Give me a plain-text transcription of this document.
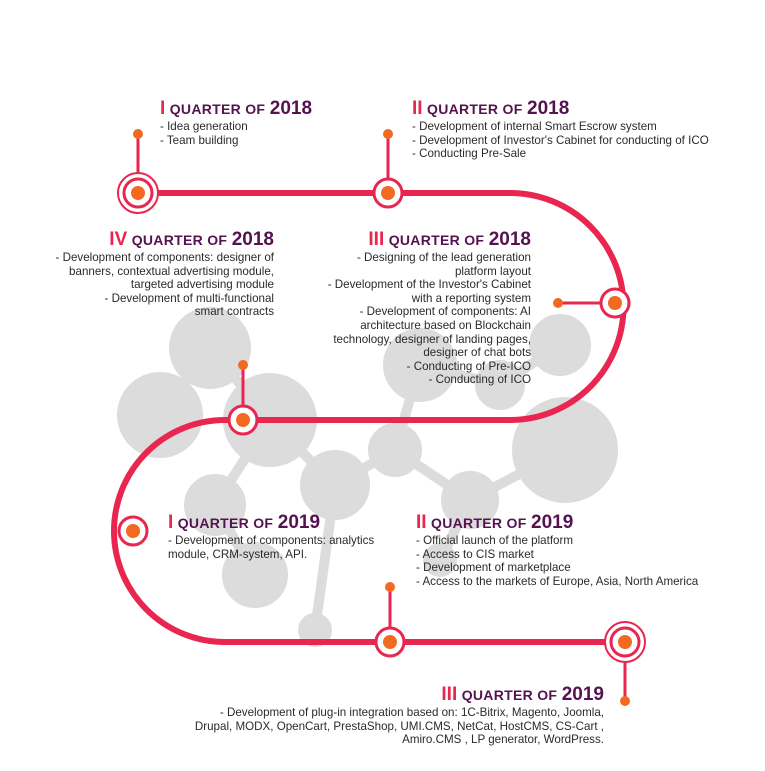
I QUARTER OF 2018
- Idea generation
- Team building
II QUARTER OF 2018
- Development of internal Smart Escrow system
- Development of Investor's Cabinet for conducting of ICO
- Conducting Pre-Sale
III QUARTER OF 2018
- Designing of the lead generation
platform layout
- Development of the Investor's Cabinet
with a reporting system
- Development of components: AI
architecture based on Blockchain
technology, designer of landing pages,
designer of chat bots
- Conducting of Pre-ICO
- Conducting of ICO
IV QUARTER OF 2018
- Development of components: designer of
banners, contextual advertising module,
targeted advertising module
- Development of multi-functional
smart contracts
I QUARTER OF 2019
- Development of components: analytics
module, CRM-system, API.
II QUARTER OF 2019
- Official launch of the platform
- Access to CIS market
- Development of marketplace
- Access to the markets of Europe, Asia, North America
III QUARTER OF 2019
- Development of plug-in integration based on: 1C-Bitrix, Magento, Joomla,
Drupal, MODX, OpenCart, PrestaShop, UMI.CMS, NetCat, HostCMS, CS-Cart ,
Amiro.CMS , LP generator, WordPress.
